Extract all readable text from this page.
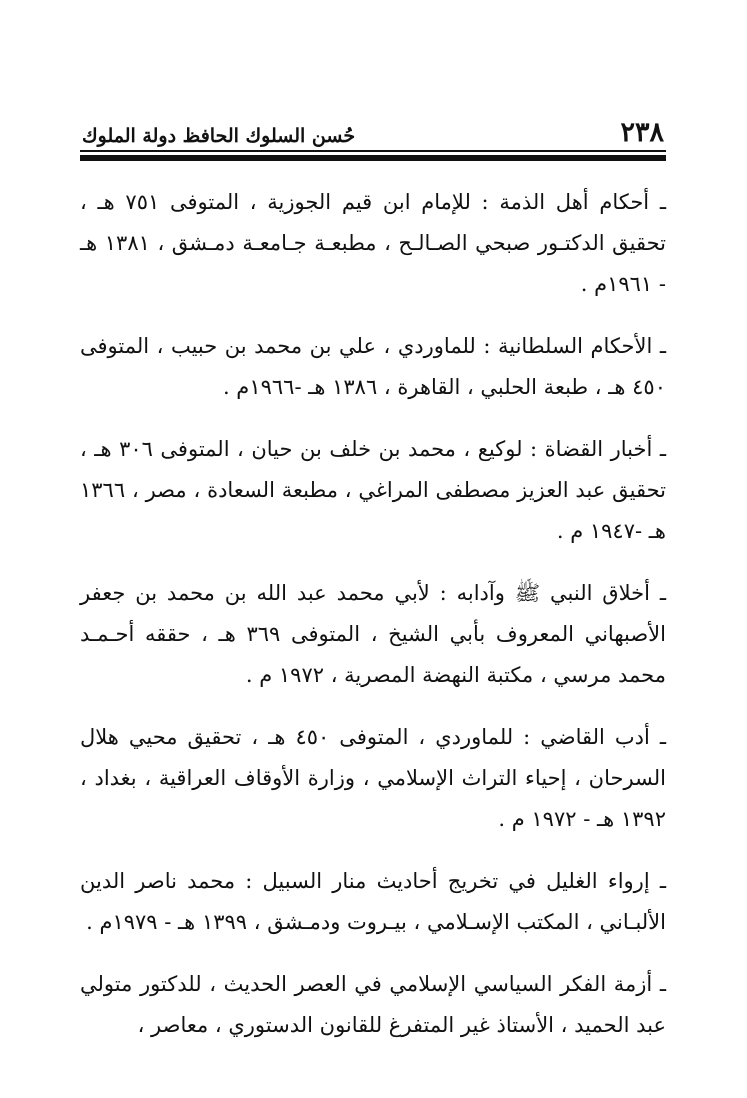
٢٣٨
حُسن السلوك الحافظ دولة الملوك

ـ أحكام أهل الذمة : للإمام ابن قيم الجوزية ، المتوفى ٧٥١ هـ ، تحقيق الدكتـور صبحي الصـالـح ، مطبعـة جـامعـة دمـشق ، ١٣٨١ هـ - ١٩٦١م .

ـ الأحكام السلطانية : للماوردي ، علي بن محمد بن حبيب ، المتوفى ٤٥٠ هـ ، طبعة الحلبي ، القاهرة ، ١٣٨٦ هـ -١٩٦٦م .

ـ أخبار القضاة : لوكيع ، محمد بن خلف بن حيان ، المتوفى ٣٠٦ هـ ، تحقيق عبد العزيز مصطفى المراغي ، مطبعة السعادة ، مصر ، ١٣٦٦ هـ -١٩٤٧ م .

ـ أخلاق النبي ﷺ وآدابه : لأبي محمد عبد الله بن محمد بن جعفر الأصبهاني المعروف بأبي الشيخ ، المتوفى ٣٦٩ هـ ، حققه أحـمـد محمد مرسي ، مكتبة النهضة المصرية ، ١٩٧٢ م .

ـ أدب القاضي : للماوردي ، المتوفى ٤٥٠ هـ ، تحقيق محيي هلال السرحان ، إحياء التراث الإسلامي ، وزارة الأوقاف العراقية ، بغداد ، ١٣٩٢ هـ - ١٩٧٢ م .

ـ إرواء الغليل في تخريج أحاديث منار السبيل : محمد ناصر الدين الألبـاني ، المكتب الإسـلامي ، بيـروت ودمـشق ، ١٣٩٩ هـ - ١٩٧٩م .

ـ أزمة الفكر السياسي الإسلامي في العصر الحديث ، للدكتور متولي عبد الحميد ، الأستاذ غير المتفرغ للقانون الدستوري ، معاصر ،
